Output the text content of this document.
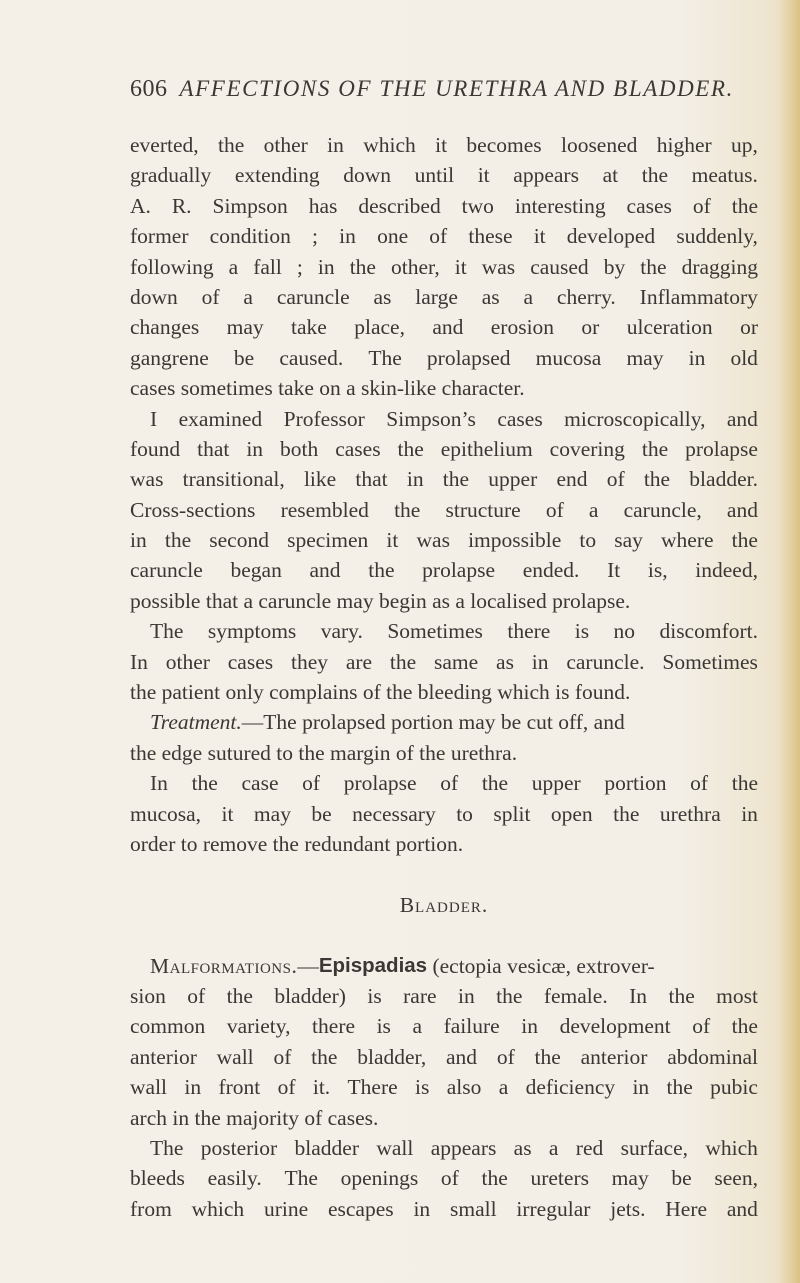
606 AFFECTIONS OF THE URETHRA AND BLADDER.
everted, the other in which it becomes loosened higher up,
gradually extending down until it appears at the meatus.
A. R. Simpson has described two interesting cases of the
former condition ; in one of these it developed suddenly,
following a fall ; in the other, it was caused by the dragging
down of a caruncle as large as a cherry. Inflammatory
changes may take place, and erosion or ulceration or
gangrene be caused. The prolapsed mucosa may in old
cases sometimes take on a skin-like character.
I examined Professor Simpson’s cases microscopically, and
found that in both cases the epithelium covering the prolapse
was transitional, like that in the upper end of the bladder.
Cross-sections resembled the structure of a caruncle, and
in the second specimen it was impossible to say where the
caruncle began and the prolapse ended. It is, indeed,
possible that a caruncle may begin as a localised prolapse.
The symptoms vary. Sometimes there is no discomfort.
In other cases they are the same as in caruncle. Sometimes
the patient only complains of the bleeding which is found.
Treatment. —The prolapsed portion may be cut off, and
the edge sutured to the margin of the urethra.
In the case of prolapse of the upper portion of the
mucosa, it may be necessary to split open the urethra in
order to remove the redundant portion.
Bladder.
Malformations. — Epispadias
(ectopia vesicæ, extrover-
sion of the bladder) is rare in the female. In the most
common variety, there is a failure in development of the
anterior wall of the bladder, and of the anterior abdominal
wall in front of it. There is also a deficiency in the pubic
arch in the majority of cases.
The posterior bladder wall appears as a red surface, which
bleeds easily. The openings of the ureters may be seen,
from which urine escapes in small irregular jets. Here and
